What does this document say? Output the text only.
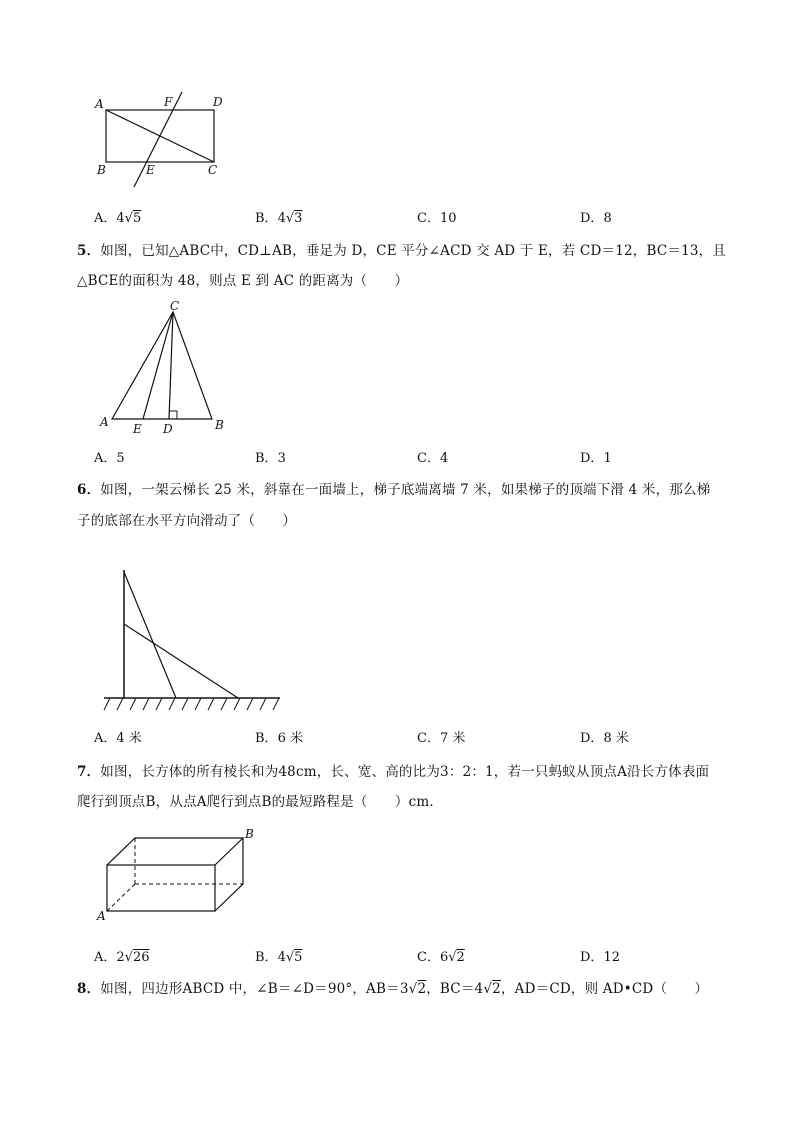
A	F	D
B	E	C
A．4√5	B．4√3	C．10	D．8
5．如图，已知△ABC中，CD⊥AB，垂足为 D，CE 平分∠ACD 交 AD 于 E，若 CD＝12，BC＝13，且
△BCE的面积为 48，则点 E 到 AC 的距离为（　　）
C
A E D	B
A．5	B．3	C．4	D．1
6．如图，一架云梯长 25 米，斜靠在一面墙上，梯子底端离墙 7 米，如果梯子的顶端下滑 4 米，那么梯
子的底部在水平方向滑动了（　　）
A．4 米	B．6 米	C．7 米	D．8 米
7．如图，长方体的所有棱长和为48cm，长、宽、高的比为3：2：1，若一只蚂蚁从顶点A沿长方体表面
爬行到顶点B，从点A爬行到点B的最短路程是（　　）cm．
B
A
A．2√26	B．4√5	C．6√2	D．12
8．如图，四边形ABCD 中，∠B＝∠D＝90°，AB＝3√2，BC＝4√2，AD＝CD，则 AD•CD（　　）
